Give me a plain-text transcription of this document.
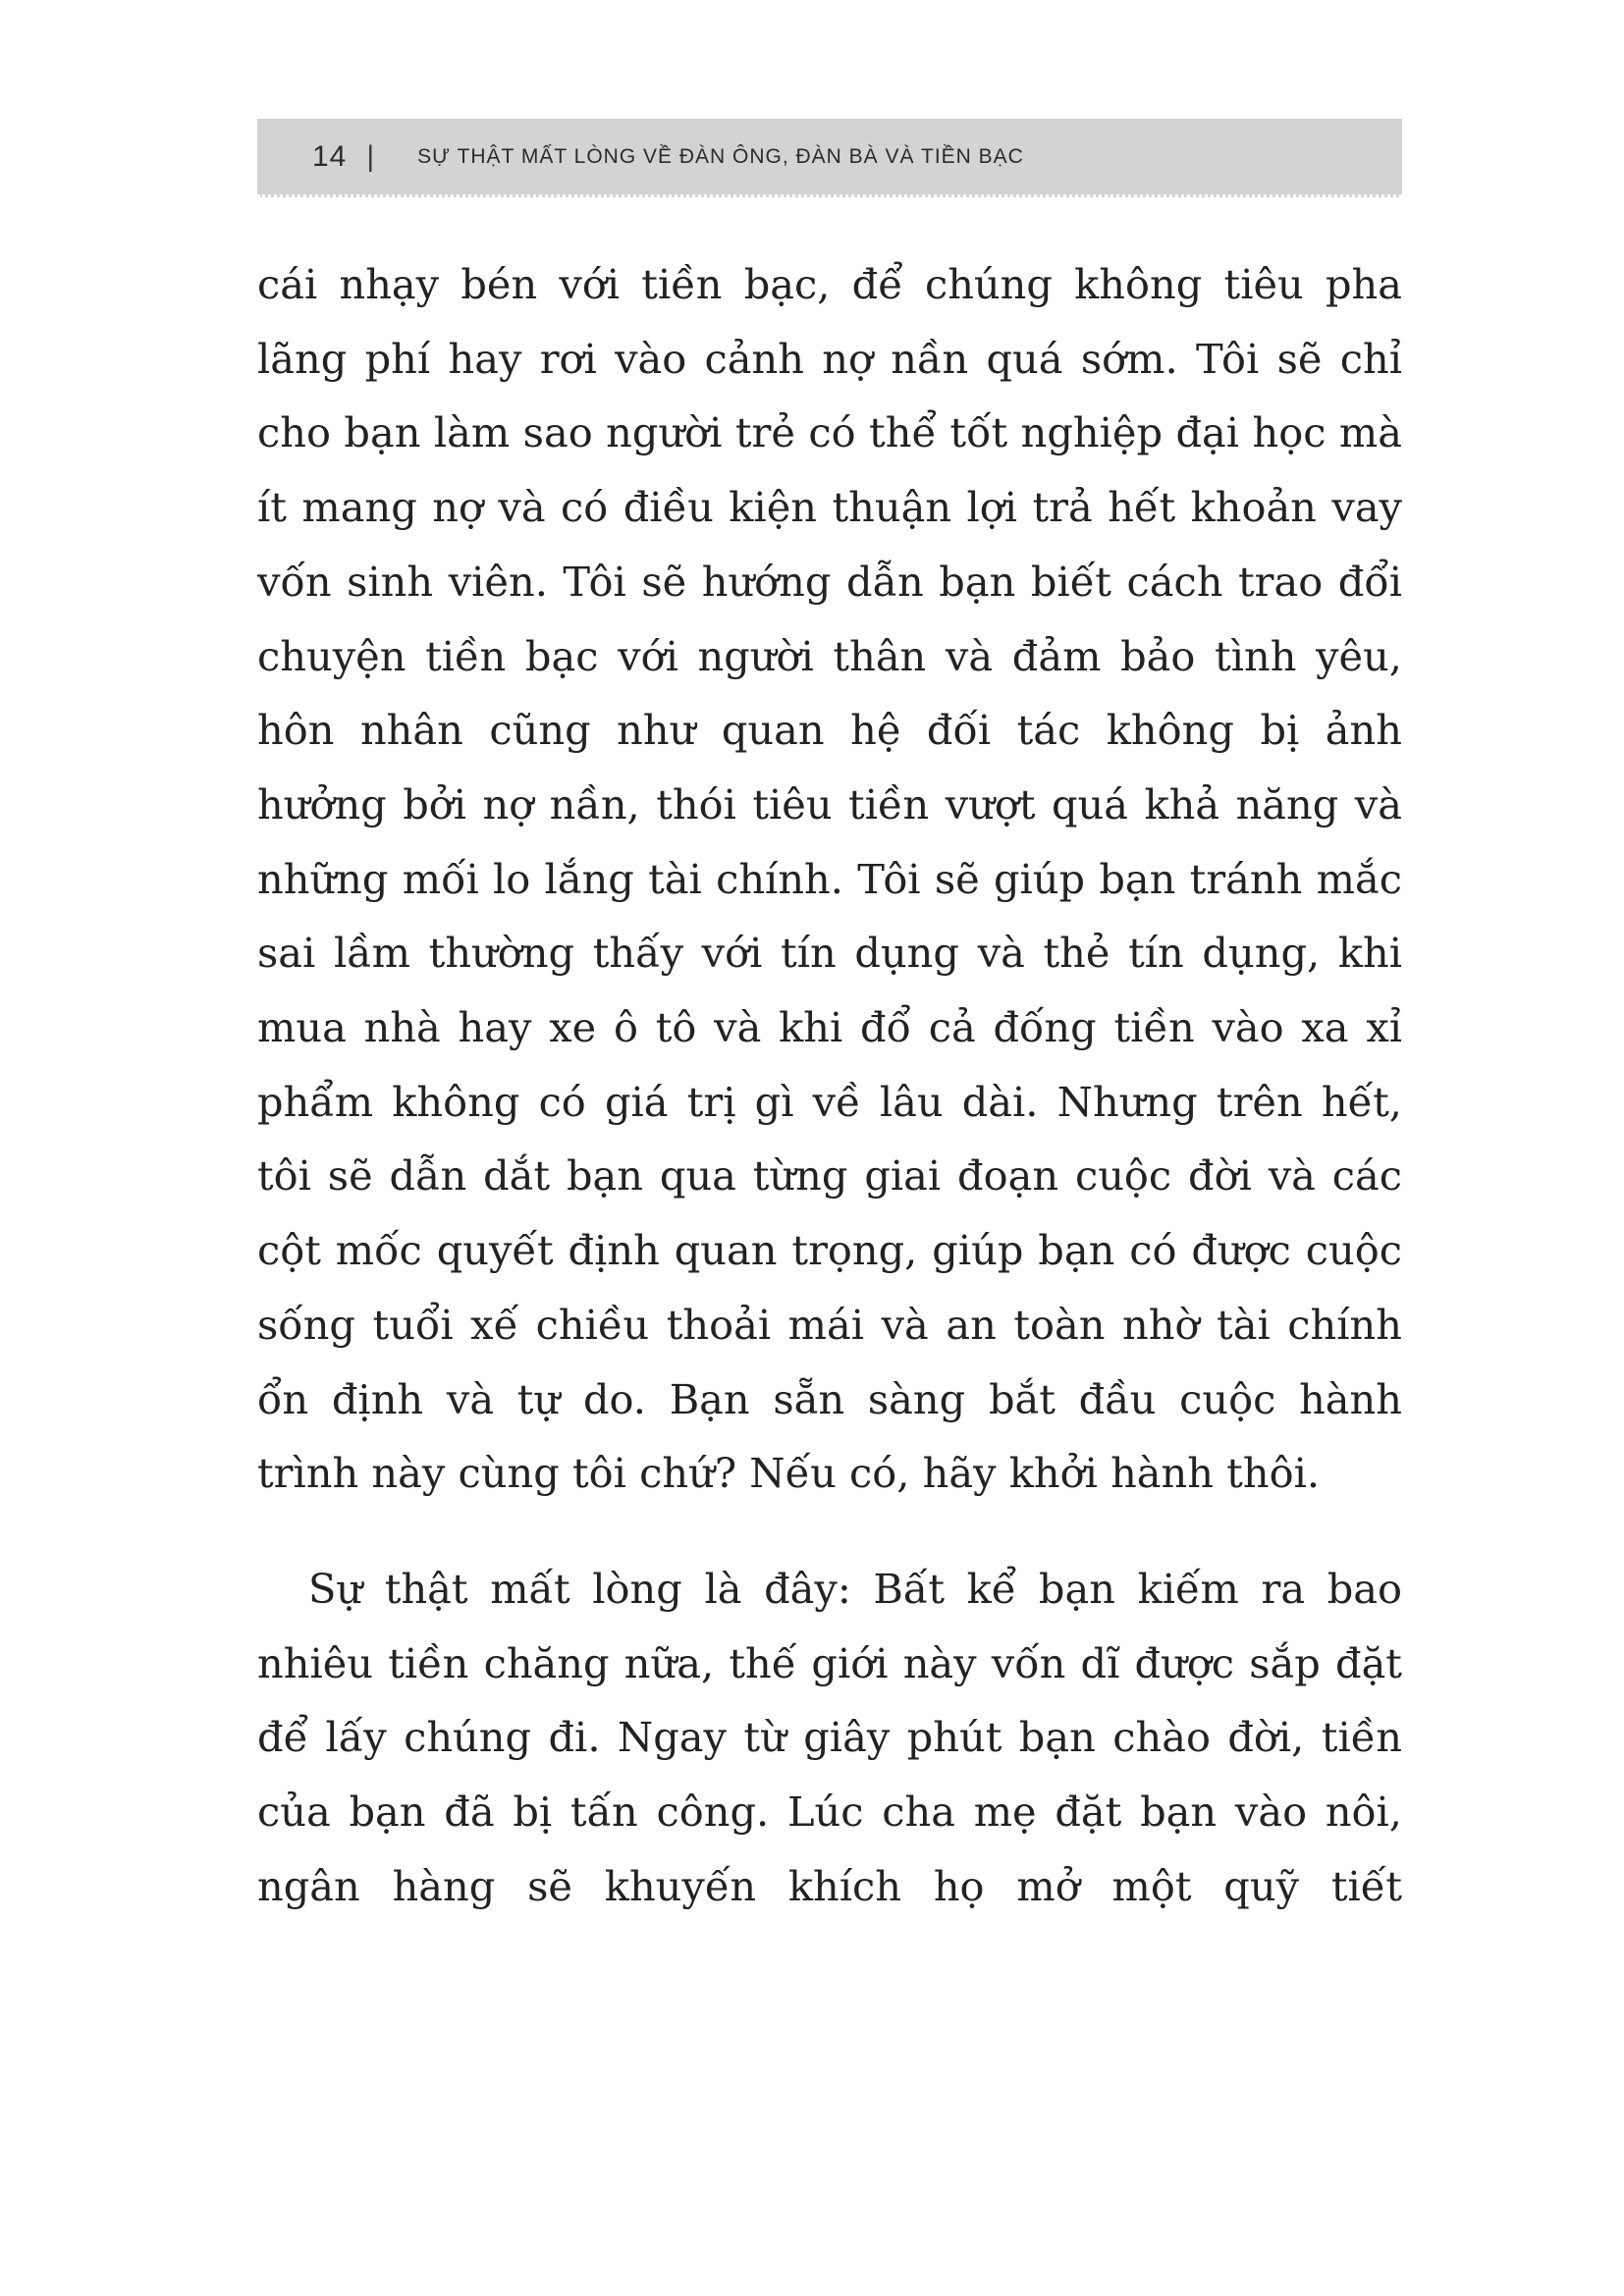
14 | SỰ THẬT MẤT LÒNG VỀ ĐÀN ÔNG, ĐÀN BÀ VÀ TIỀN BẠC

cái nhạy bén với tiền bạc, để chúng không tiêu pha lãng phí hay rơi vào cảnh nợ nần quá sớm. Tôi sẽ chỉ cho bạn làm sao người trẻ có thể tốt nghiệp đại học mà ít mang nợ và có điều kiện thuận lợi trả hết khoản vay vốn sinh viên. Tôi sẽ hướng dẫn bạn biết cách trao đổi chuyện tiền bạc với người thân và đảm bảo tình yêu, hôn nhân cũng như quan hệ đối tác không bị ảnh hưởng bởi nợ nần, thói tiêu tiền vượt quá khả năng và những mối lo lắng tài chính. Tôi sẽ giúp bạn tránh mắc sai lầm thường thấy với tín dụng và thẻ tín dụng, khi mua nhà hay xe ô tô và khi đổ cả đống tiền vào xa xỉ phẩm không có giá trị gì về lâu dài. Nhưng trên hết, tôi sẽ dẫn dắt bạn qua từng giai đoạn cuộc đời và các cột mốc quyết định quan trọng, giúp bạn có được cuộc sống tuổi xế chiều thoải mái và an toàn nhờ tài chính ổn định và tự do. Bạn sẵn sàng bắt đầu cuộc hành trình này cùng tôi chứ? Nếu có, hãy khởi hành thôi.

Sự thật mất lòng là đây: Bất kể bạn kiếm ra bao nhiêu tiền chăng nữa, thế giới này vốn dĩ được sắp đặt để lấy chúng đi. Ngay từ giây phút bạn chào đời, tiền của bạn đã bị tấn công. Lúc cha mẹ đặt bạn vào nôi, ngân hàng sẽ khuyến khích họ mở một quỹ tiết
